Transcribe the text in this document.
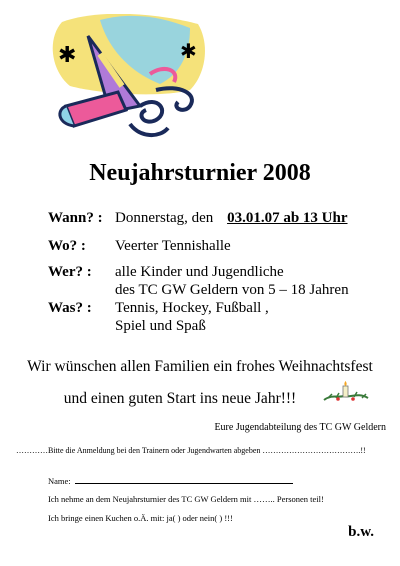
✱	✱
Neujahrsturnier 2008
Wann? : Donnerstag, den 03.01.07 ab 13 Uhr
Wo? : Veerter Tennishalle
Wer? : alle Kinder und Jugendliche
des TC GW Geldern von 5 – 18 Jahren
Was? : Tennis, Hockey, Fußball ,
Spiel und Spaß
Wir wünschen allen Familien ein frohes Weihnachtsfest
und einen guten Start ins neue Jahr!!!
Eure Jugendabteilung des TC GW Geldern
…………Bitte die Anmeldung bei den Trainern oder Jugendwarten abgeben ……………………………….!!
Name:
Ich nehme an dem Neujahrsturnier des TC GW Geldern mit …….. Personen teil!
Ich bringe einen Kuchen o.Ä. mit: ja( ) oder nein( ) !!!
b.w.
